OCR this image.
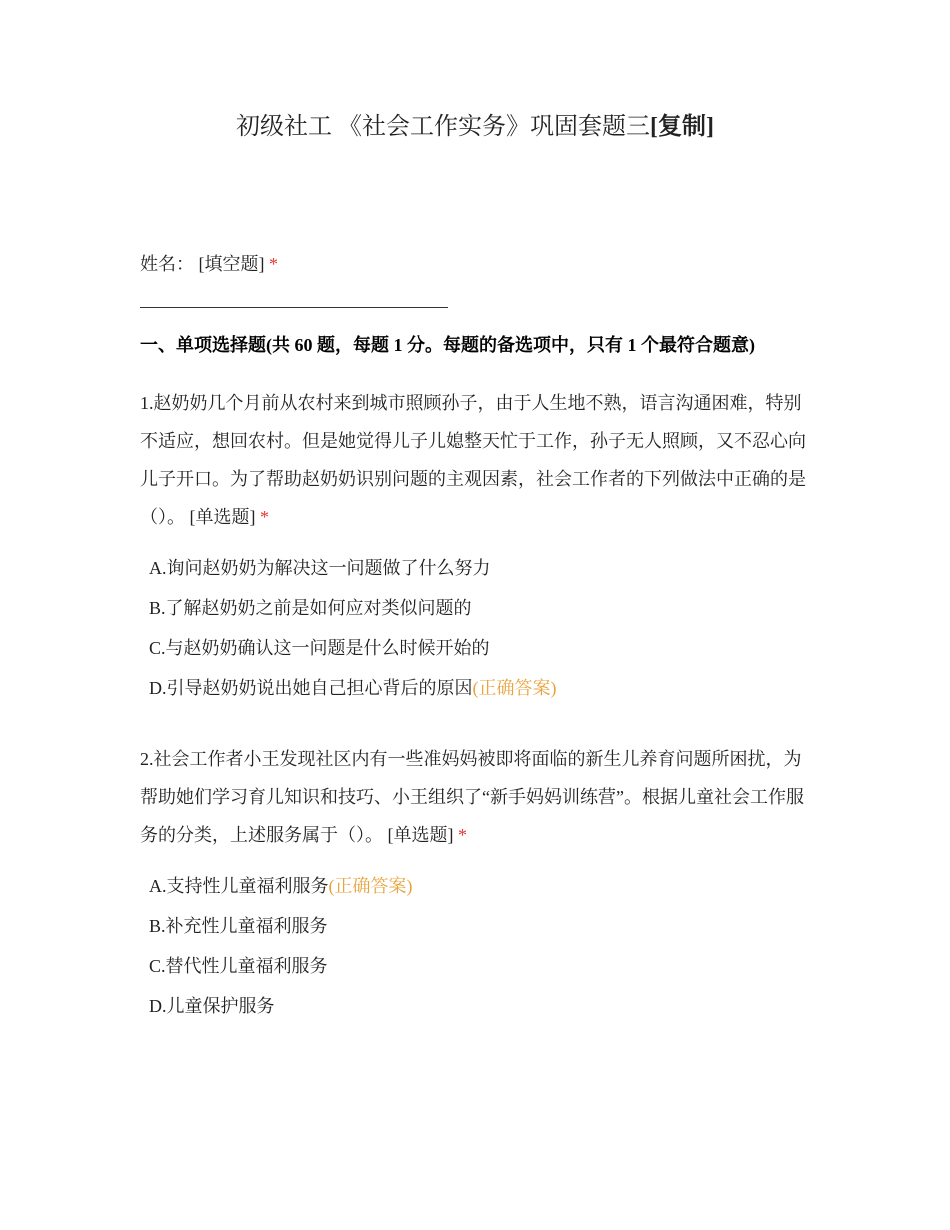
初级社工 《社会工作实务》巩固套题三[复制]
姓名： [填空题] *
一、单项选择题(共 60 题，每题 1 分。每题的备选项中，只有 1 个最符合题意)
1.赵奶奶几个月前从农村来到城市照顾孙子，由于人生地不熟，语言沟通困难，特别不适应，想回农村。但是她觉得儿子儿媳整天忙于工作，孙子无人照顾，又不忍心向儿子开口。为了帮助赵奶奶识别问题的主观因素，社会工作者的下列做法中正确的是（）。 [单选题] *
A.询问赵奶奶为解决这一问题做了什么努力
B.了解赵奶奶之前是如何应对类似问题的
C.与赵奶奶确认这一问题是什么时候开始的
D.引导赵奶奶说出她自己担心背后的原因(正确答案)
2.社会工作者小王发现社区内有一些准妈妈被即将面临的新生儿养育问题所困扰，为帮助她们学习育儿知识和技巧、小王组织了“新手妈妈训练营”。根据儿童社会工作服务的分类，上述服务属于（）。 [单选题] *
A.支持性儿童福利服务(正确答案)
B.补充性儿童福利服务
C.替代性儿童福利服务
D.儿童保护服务
